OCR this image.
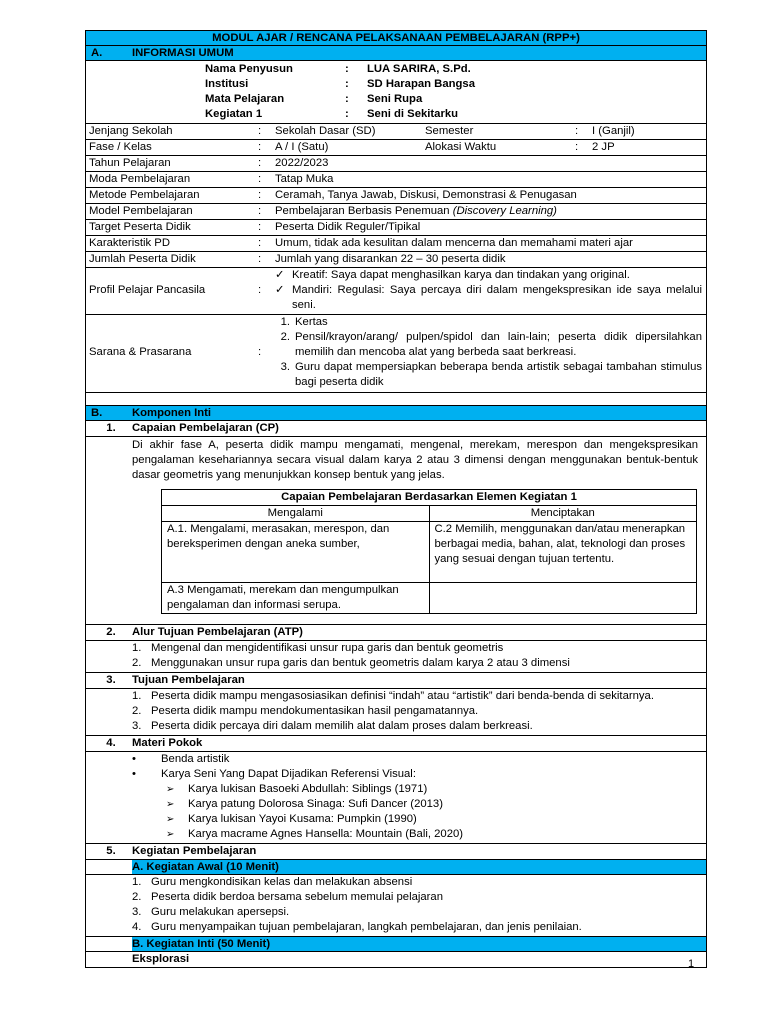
MODUL AJAR / RENCANA PELAKSANAAN PEMBELAJARAN (RPP+)
A.	INFORMASI UMUM
Nama Penyusun	:	LUA SARIRA, S.Pd.
Institusi	:	SD Harapan Bangsa
Mata Pelajaran	:	Seni Rupa
Kegiatan 1	:	Seni di Sekitarku
Jenjang Sekolah	:	Sekolah Dasar (SD)	Semester	:	I (Ganjil)
Fase / Kelas	:	A / I (Satu)	Alokasi Waktu	:	2 JP
Tahun Pelajaran	:	2022/2023
Moda Pembelajaran	:	Tatap Muka
Metode Pembelajaran	:	Ceramah, Tanya Jawab, Diskusi, Demonstrasi & Penugasan
Model Pembelajaran	:	Pembelajaran Berbasis Penemuan (Discovery Learning)
Target Peserta Didik	:	Peserta Didik Reguler/Tipikal
Karakteristik PD	:	Umum, tidak ada kesulitan dalam mencerna dan memahami materi ajar
Jumlah Peserta Didik	:	Jumlah yang disarankan 22 – 30 peserta didik
Profil Pelajar Pancasila	:
✓ Kreatif: Saya dapat menghasilkan karya dan tindakan yang original.
✓ Mandiri: Regulasi: Saya percaya diri dalam mengekspresikan ide saya melalui seni.
Sarana & Prasarana	:
1. Kertas
2. Pensil/krayon/arang/ pulpen/spidol dan lain-lain; peserta didik dipersilahkan memilih dan mencoba alat yang berbeda saat berkreasi.
3. Guru dapat mempersiapkan beberapa benda artistik sebagai tambahan stimulus bagi peserta didik
B.	Komponen Inti
1.	Capaian Pembelajaran (CP)
Di akhir fase A, peserta didik mampu mengamati, mengenal, merekam, merespon dan mengekspresikan pengalaman kesehariannya secara visual dalam karya 2 atau 3 dimensi dengan menggunakan bentuk-bentuk dasar geometris yang menunjukkan konsep bentuk yang jelas.
Capaian Pembelajaran Berdasarkan Elemen Kegiatan 1	
Mengalami	Menciptakan
A.1. Mengalami, merasakan, merespon, dan bereksperimen dengan aneka sumber,	C.2 Memilih, menggunakan dan/atau menerapkan berbagai media, bahan, alat, teknologi dan proses yang sesuai dengan tujuan tertentu.
A.3 Mengamati, merekam dan mengumpulkan pengalaman dan informasi serupa.	
2.	Alur Tujuan Pembelajaran (ATP)
1. Mengenal dan mengidentifikasi unsur rupa garis dan bentuk geometris
2. Menggunakan unsur rupa garis dan bentuk geometris dalam karya 2 atau 3 dimensi
3.	Tujuan Pembelajaran
1. Peserta didik mampu mengasosiasikan definisi “indah” atau “artistik” dari benda-benda di sekitarnya.
2. Peserta didik mampu mendokumentasikan hasil pengamatannya.
3. Peserta didik percaya diri dalam memilih alat dalam proses dalam berkreasi.
4.	Materi Pokok
•	Benda artistik
•	Karya Seni Yang Dapat Dijadikan Referensi Visual:
➢	Karya lukisan Basoeki Abdullah: Siblings (1971)
➢	Karya patung Dolorosa Sinaga: Sufi Dancer (2013)
➢	Karya lukisan Yayoi Kusama: Pumpkin (1990)
➢	Karya macrame Agnes Hansella: Mountain (Bali, 2020)
5.	Kegiatan Pembelajaran
A. Kegiatan Awal (10 Menit)
1. Guru mengkondisikan kelas dan melakukan absensi
2. Peserta didik berdoa bersama sebelum memulai pelajaran
3. Guru melakukan apersepsi.
4. Guru menyampaikan tujuan pembelajaran, langkah pembelajaran, dan jenis penilaian.
B. Kegiatan Inti (50 Menit)
Eksplorasi	1
